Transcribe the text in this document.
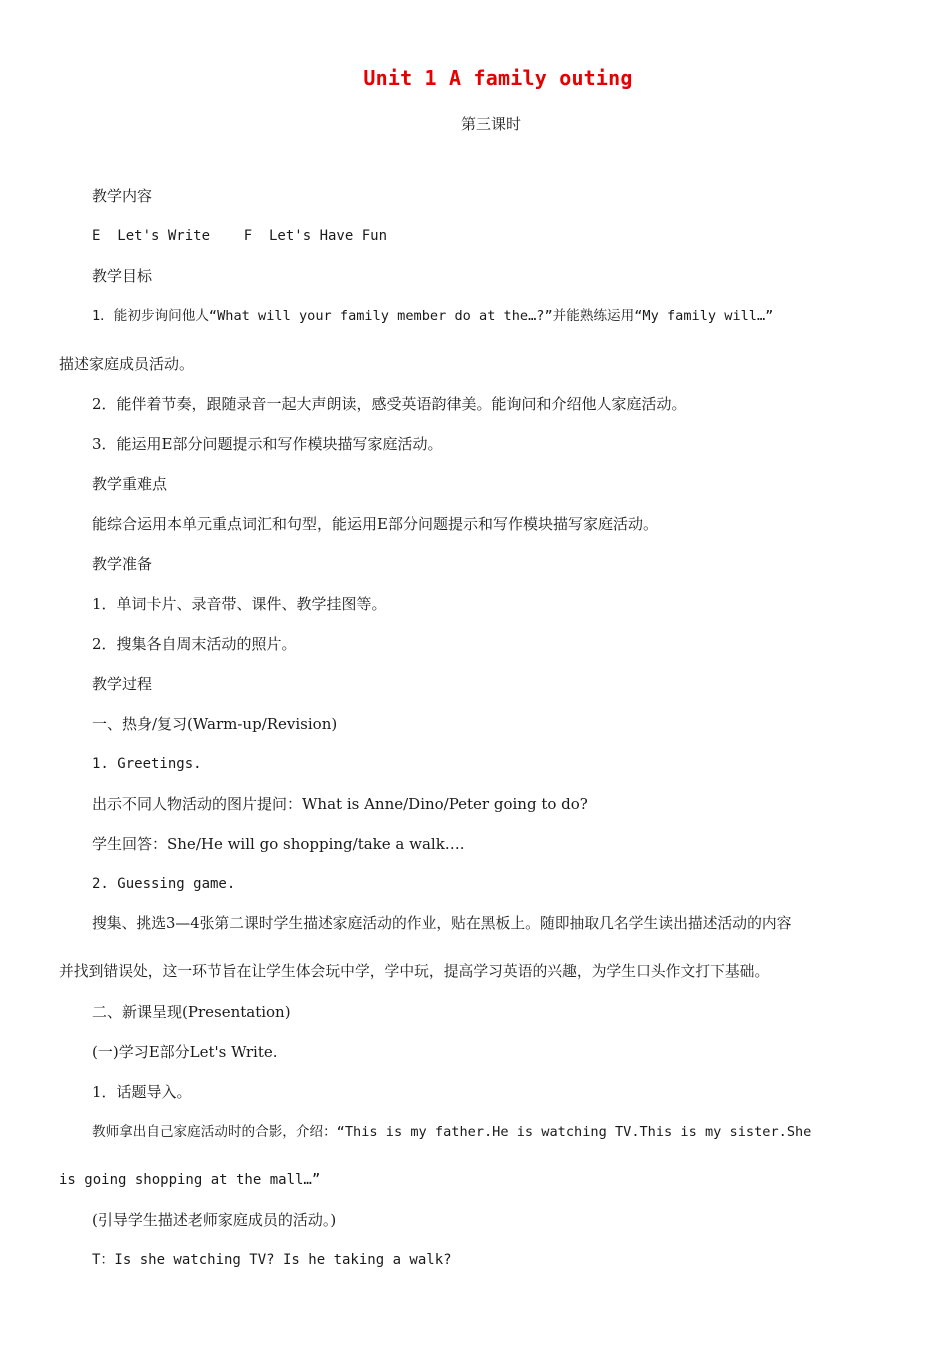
Unit 1 A family outing
第三课时
教学内容
E  Let's Write    F  Let's Have Fun
教学目标
1．能初步询问他人“What will your family member do at the…?”并能熟练运用“My family will…”
描述家庭成员活动。
2．能伴着节奏，跟随录音一起大声朗读，感受英语韵律美。能询问和介绍他人家庭活动。
3．能运用E部分问题提示和写作模块描写家庭活动。
教学重难点
能综合运用本单元重点词汇和句型，能运用E部分问题提示和写作模块描写家庭活动。
教学准备
1．单词卡片、录音带、课件、教学挂图等。
2．搜集各自周末活动的照片。
教学过程
一、热身/复习(Warm-up/Revision)
1. Greetings.
出示不同人物活动的图片提问：What is Anne/Dino/Peter going to do?
学生回答：She/He will go shopping/take a walk….
2. Guessing game.
搜集、挑选3—4张第二课时学生描述家庭活动的作业，贴在黑板上。随即抽取几名学生读出描述活动的内容
并找到错误处，这一环节旨在让学生体会玩中学，学中玩，提高学习英语的兴趣，为学生口头作文打下基础。
二、新课呈现(Presentation)
(一)学习E部分Let's Write.
1．话题导入。
教师拿出自己家庭活动时的合影，介绍：“This is my father.He is watching TV.This is my sister.She
is going shopping at the mall…”
(引导学生描述老师家庭成员的活动。)
T：Is she watching TV? Is he taking a walk?
